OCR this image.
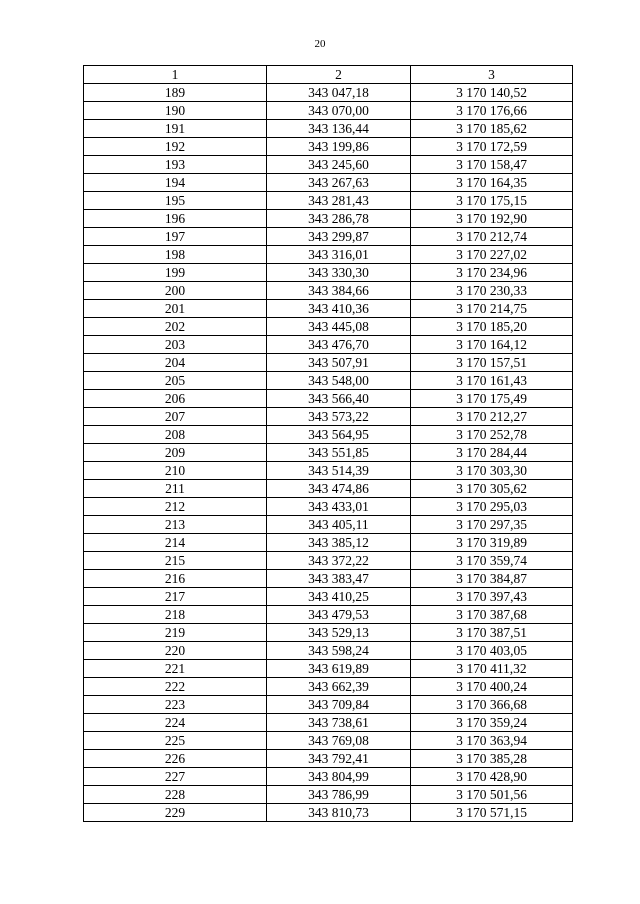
20
1	2	3
189	343 047,18	3 170 140,52
190	343 070,00	3 170 176,66
191	343 136,44	3 170 185,62
192	343 199,86	3 170 172,59
193	343 245,60	3 170 158,47
194	343 267,63	3 170 164,35
195	343 281,43	3 170 175,15
196	343 286,78	3 170 192,90
197	343 299,87	3 170 212,74
198	343 316,01	3 170 227,02
199	343 330,30	3 170 234,96
200	343 384,66	3 170 230,33
201	343 410,36	3 170 214,75
202	343 445,08	3 170 185,20
203	343 476,70	3 170 164,12
204	343 507,91	3 170 157,51
205	343 548,00	3 170 161,43
206	343 566,40	3 170 175,49
207	343 573,22	3 170 212,27
208	343 564,95	3 170 252,78
209	343 551,85	3 170 284,44
210	343 514,39	3 170 303,30
211	343 474,86	3 170 305,62
212	343 433,01	3 170 295,03
213	343 405,11	3 170 297,35
214	343 385,12	3 170 319,89
215	343 372,22	3 170 359,74
216	343 383,47	3 170 384,87
217	343 410,25	3 170 397,43
218	343 479,53	3 170 387,68
219	343 529,13	3 170 387,51
220	343 598,24	3 170 403,05
221	343 619,89	3 170 411,32
222	343 662,39	3 170 400,24
223	343 709,84	3 170 366,68
224	343 738,61	3 170 359,24
225	343 769,08	3 170 363,94
226	343 792,41	3 170 385,28
227	343 804,99	3 170 428,90
228	343 786,99	3 170 501,56
229	343 810,73	3 170 571,15
